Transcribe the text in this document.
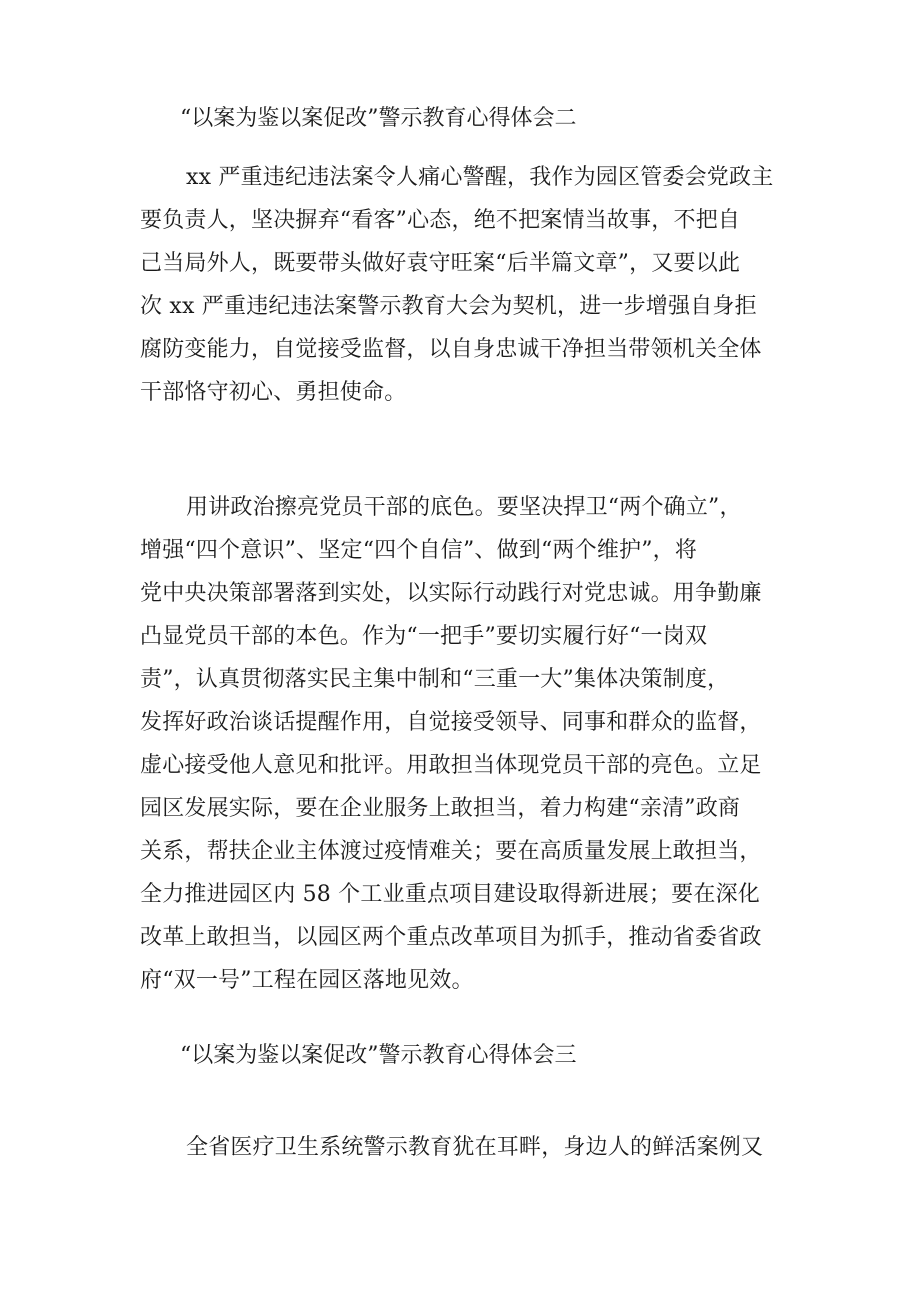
“以案为鉴以案促改”警示教育心得体会二
xx 严重违纪违法案令人痛心警醒，我作为园区管委会党政主
要负责人，坚决摒弃“看客”心态，绝不把案情当故事，不把自
己当局外人，既要带头做好袁守旺案“后半篇文章”，又要以此
次 xx 严重违纪违法案警示教育大会为契机，进一步增强自身拒
腐防变能力，自觉接受监督，以自身忠诚干净担当带领机关全体
干部恪守初心、勇担使命。
用讲政治擦亮党员干部的底色。要坚决捍卫“两个确立”，
增强“四个意识”、坚定“四个自信”、做到“两个维护”，将
党中央决策部署落到实处，以实际行动践行对党忠诚。用争勤廉
凸显党员干部的本色。作为“一把手”要切实履行好“一岗双
责”，认真贯彻落实民主集中制和“三重一大”集体决策制度，
发挥好政治谈话提醒作用，自觉接受领导、同事和群众的监督，
虚心接受他人意见和批评。用敢担当体现党员干部的亮色。立足
园区发展实际，要在企业服务上敢担当，着力构建“亲清”政商
关系，帮扶企业主体渡过疫情难关；要在高质量发展上敢担当，
全力推进园区内 58 个工业重点项目建设取得新进展；要在深化
改革上敢担当，以园区两个重点改革项目为抓手，推动省委省政
府“双一号”工程在园区落地见效。
“以案为鉴以案促改”警示教育心得体会三
全省医疗卫生系统警示教育犹在耳畔，身边人的鲜活案例又
